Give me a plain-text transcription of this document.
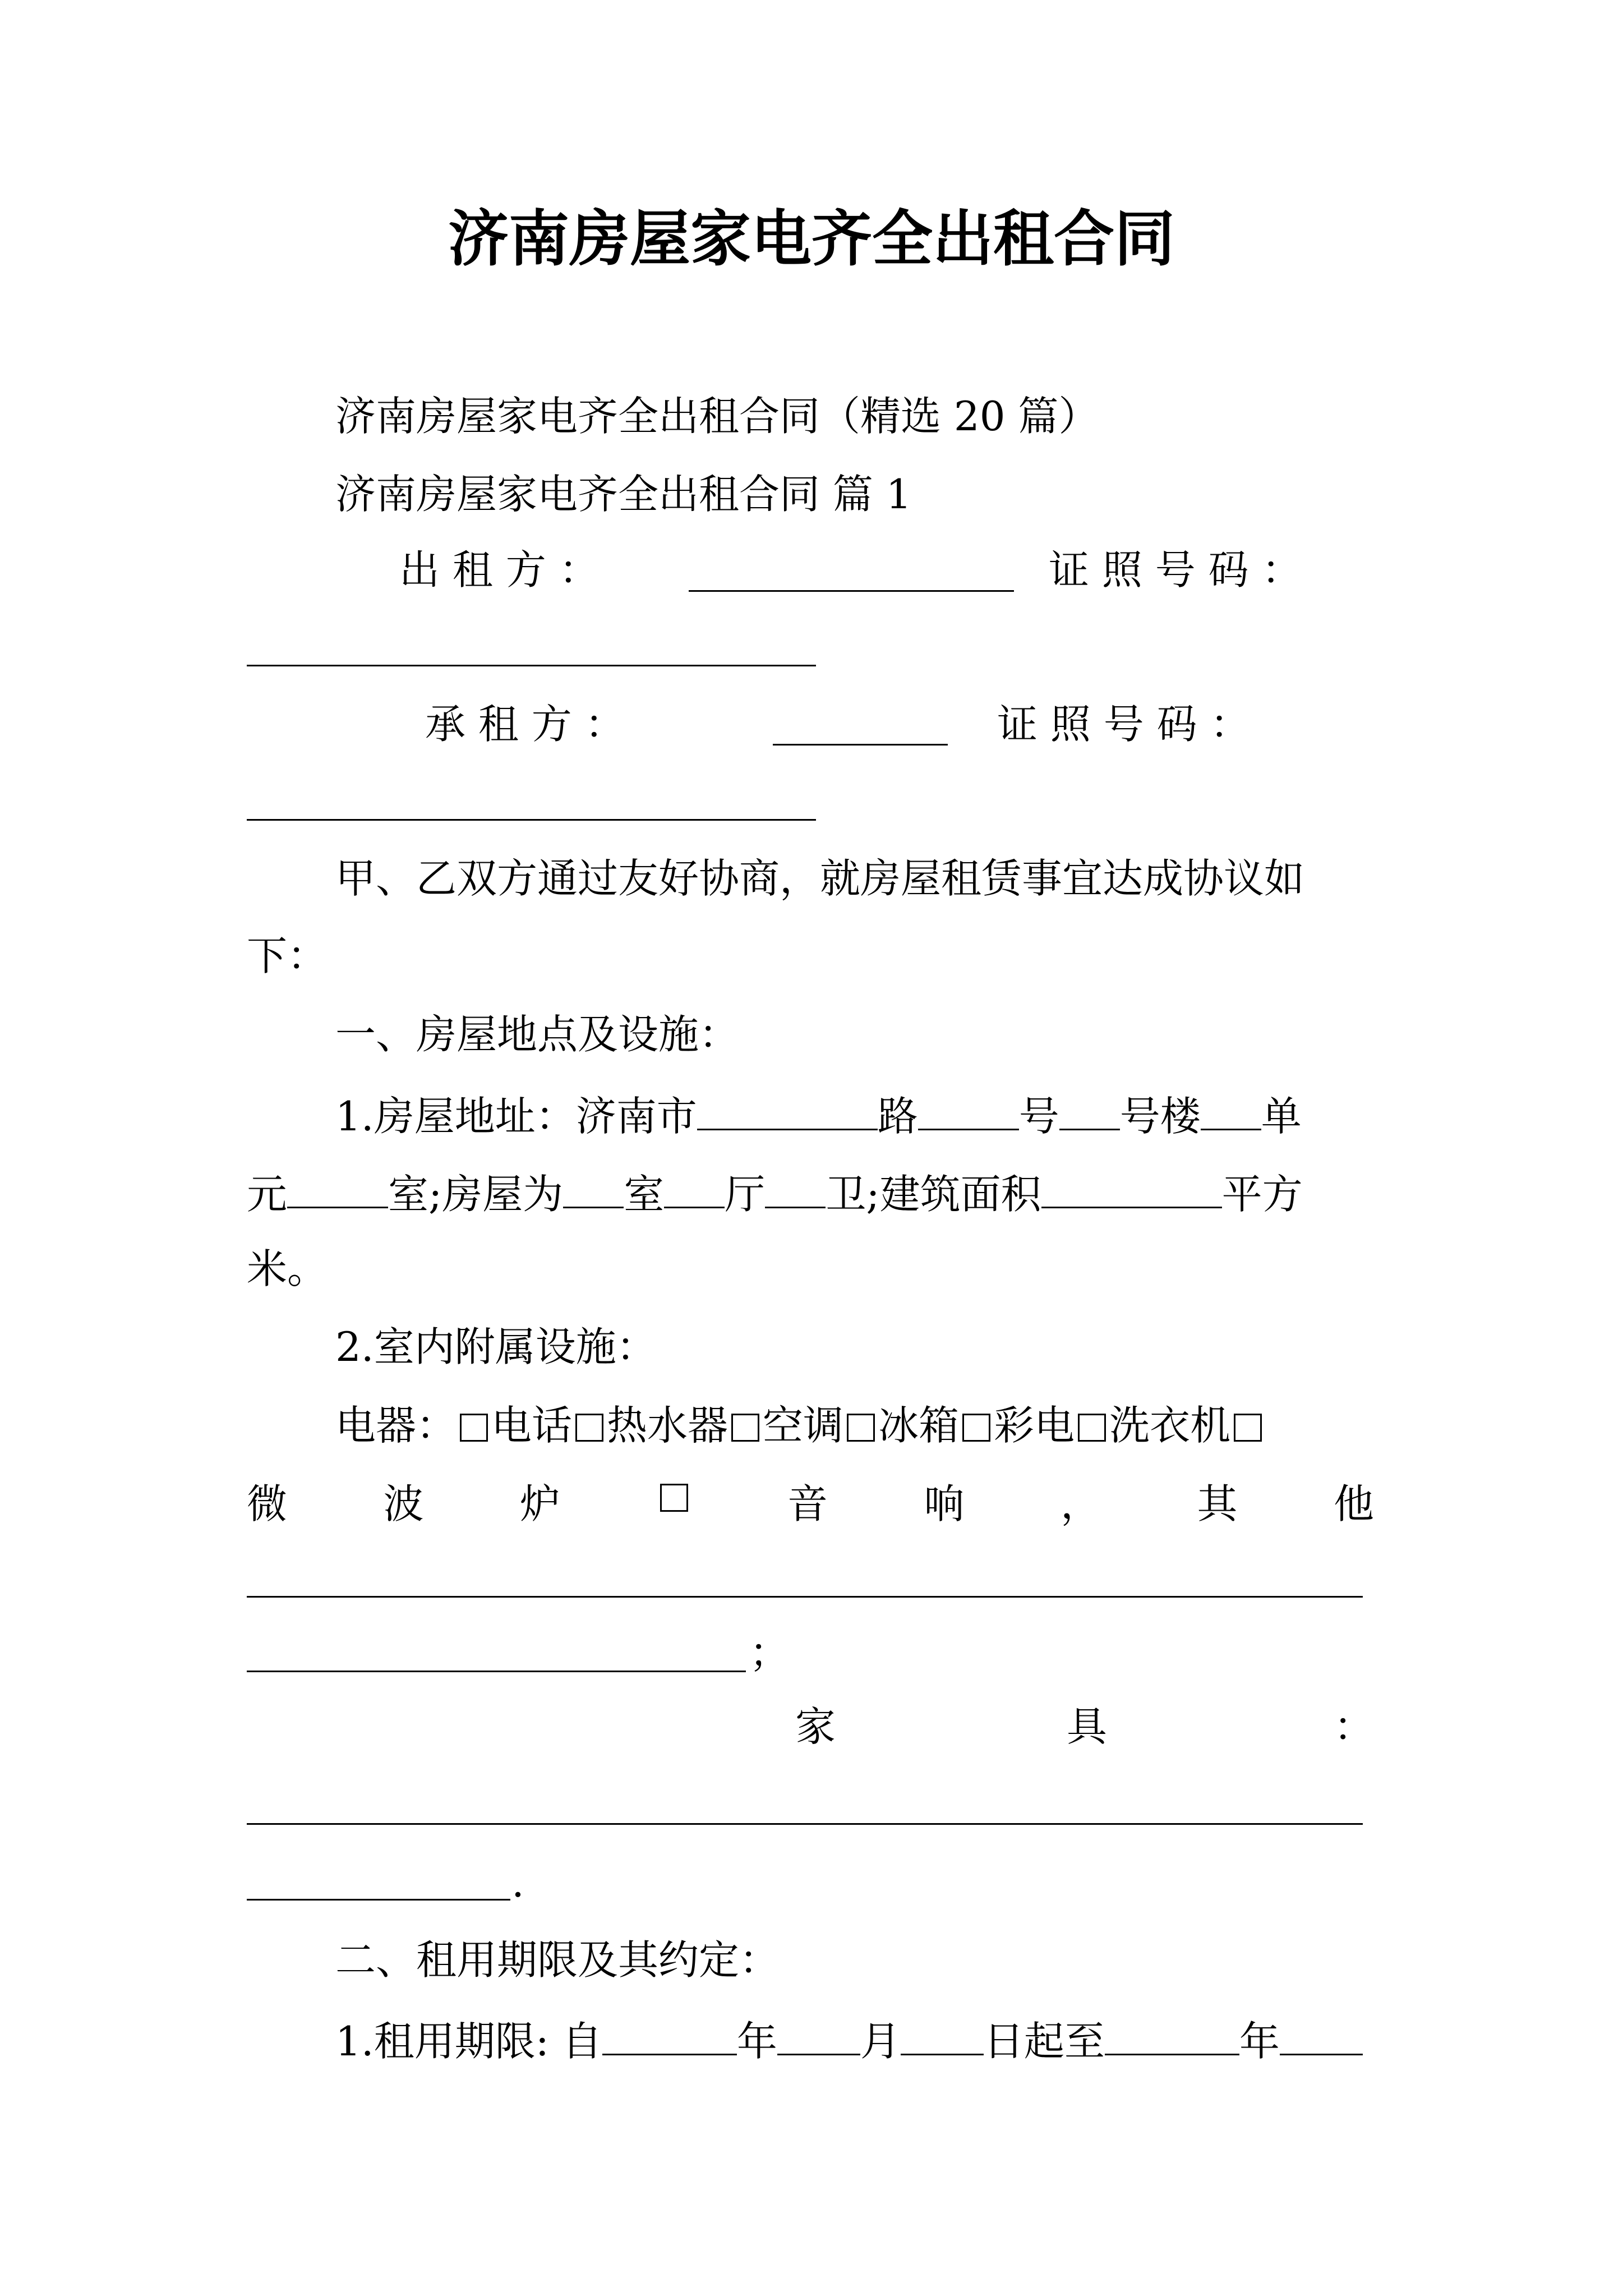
济南房屋家电齐全出租合同
济南房屋家电齐全出租合同（精选 20 篇）
济南房屋家电齐全出租合同 篇 1
出 租 方 ：	证 照 号 码 ：
承 租 方 ：	证 照 号 码 ：
甲、乙双方通过友好协商，就房屋租赁事宜达成协议如
下：
一、房屋地点及设施：
1.房屋地址：济南市	路	号 号楼 单
元	室;房屋为 室 厅 卫;建筑面积	平方
米。
2.室内附属设施：
电器： 电话 热水器 空调 冰箱 彩电 洗衣机
微 波 炉	音 响 ， 其 他
；
家	具	：
.
二、租用期限及其约定：
1.租用期限: 自	年 月 日起至	年
